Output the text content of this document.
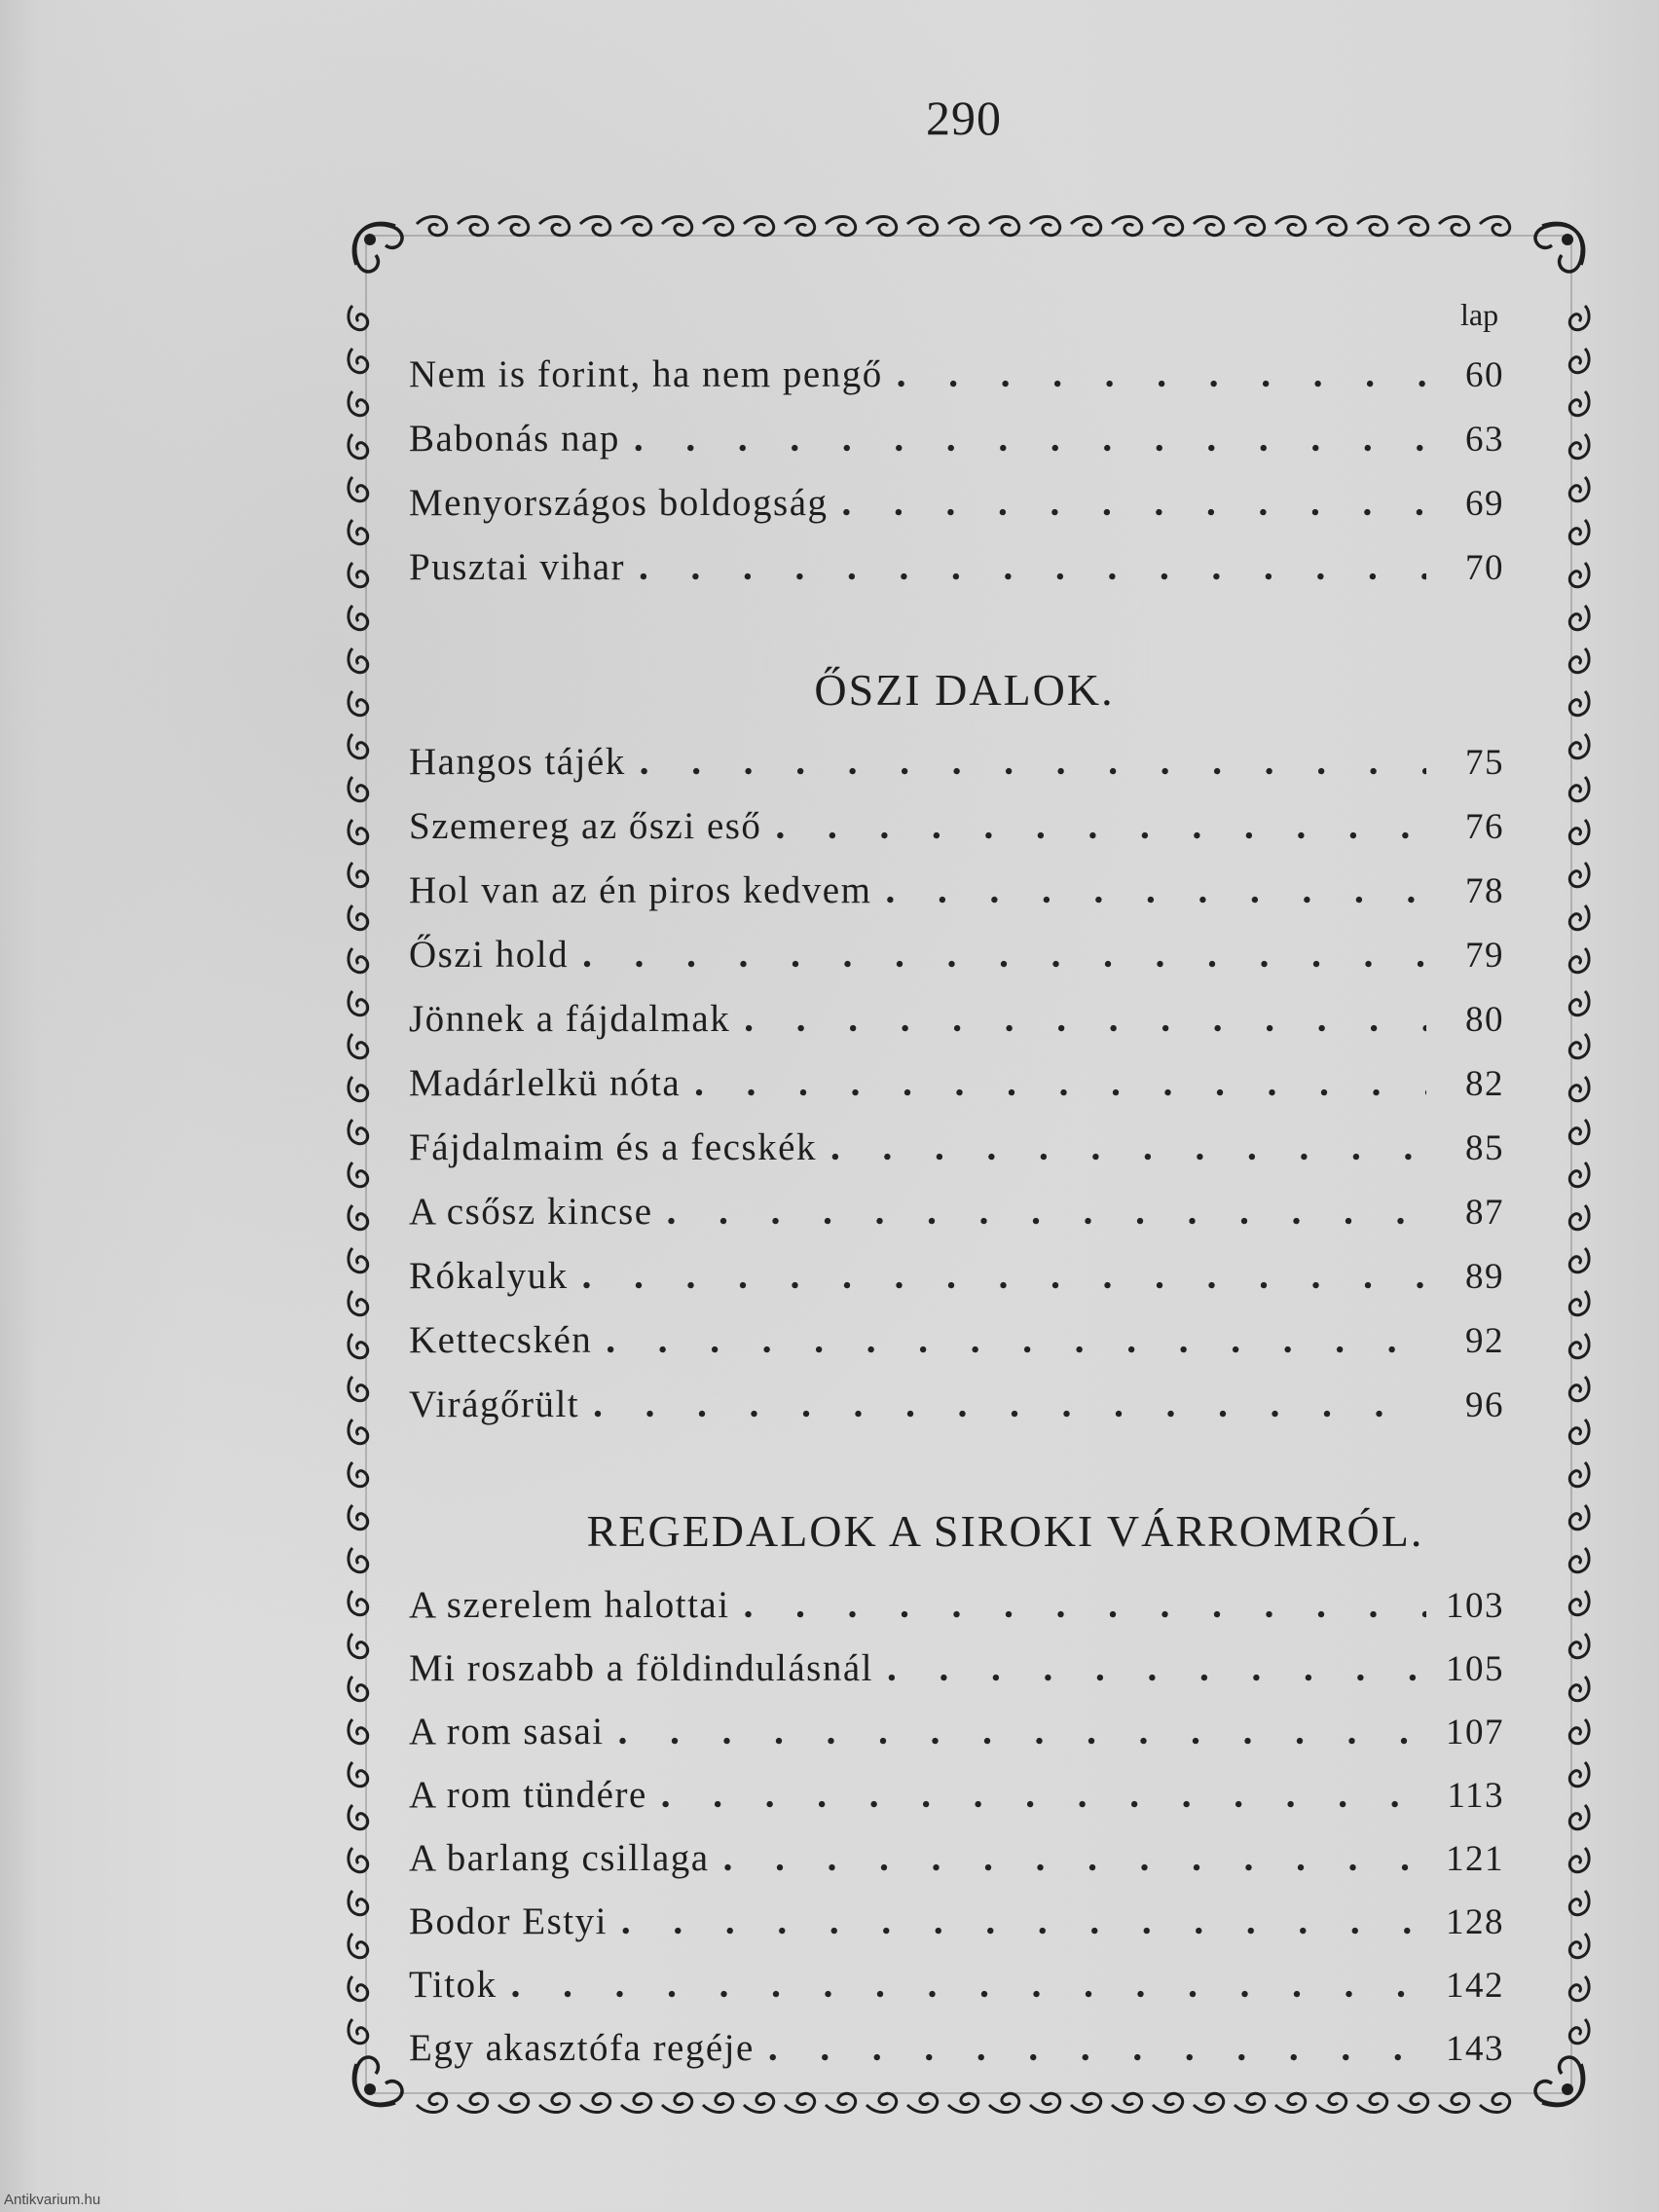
290
lap
Nem is forint, ha nem pengő . . .	60
Babonás nap . . .	63
Menyországos boldogság . . .	69
Pusztai vihar . . .	70
ŐSZI DALOK.
Hangos tájék . . .	75
Szemereg az őszi eső . . .	76
Hol van az én piros kedvem . . .	78
Őszi hold . . .	79
Jönnek a fájdalmak . . .	80
Madárlelkü nóta . . .	82
Fájdalmaim és a fecskék . . .	85
A csősz kincse . . .	87
Rókalyuk . . .	89
Kettecskén . . .	92
Virágőrült . . .	96
REGEDALOK A SIROKI VÁRROMRÓL.
A szerelem halottai . . .	103
Mi roszabb a földindulásnál . . .	105
A rom sasai . . .	107
A rom tündére . . .	113
A barlang csillaga . . .	121
Bodor Estyi . . .	128
Titok . . .	142
Egy akasztófa regéje . . .	143
Antikvarium.hu
